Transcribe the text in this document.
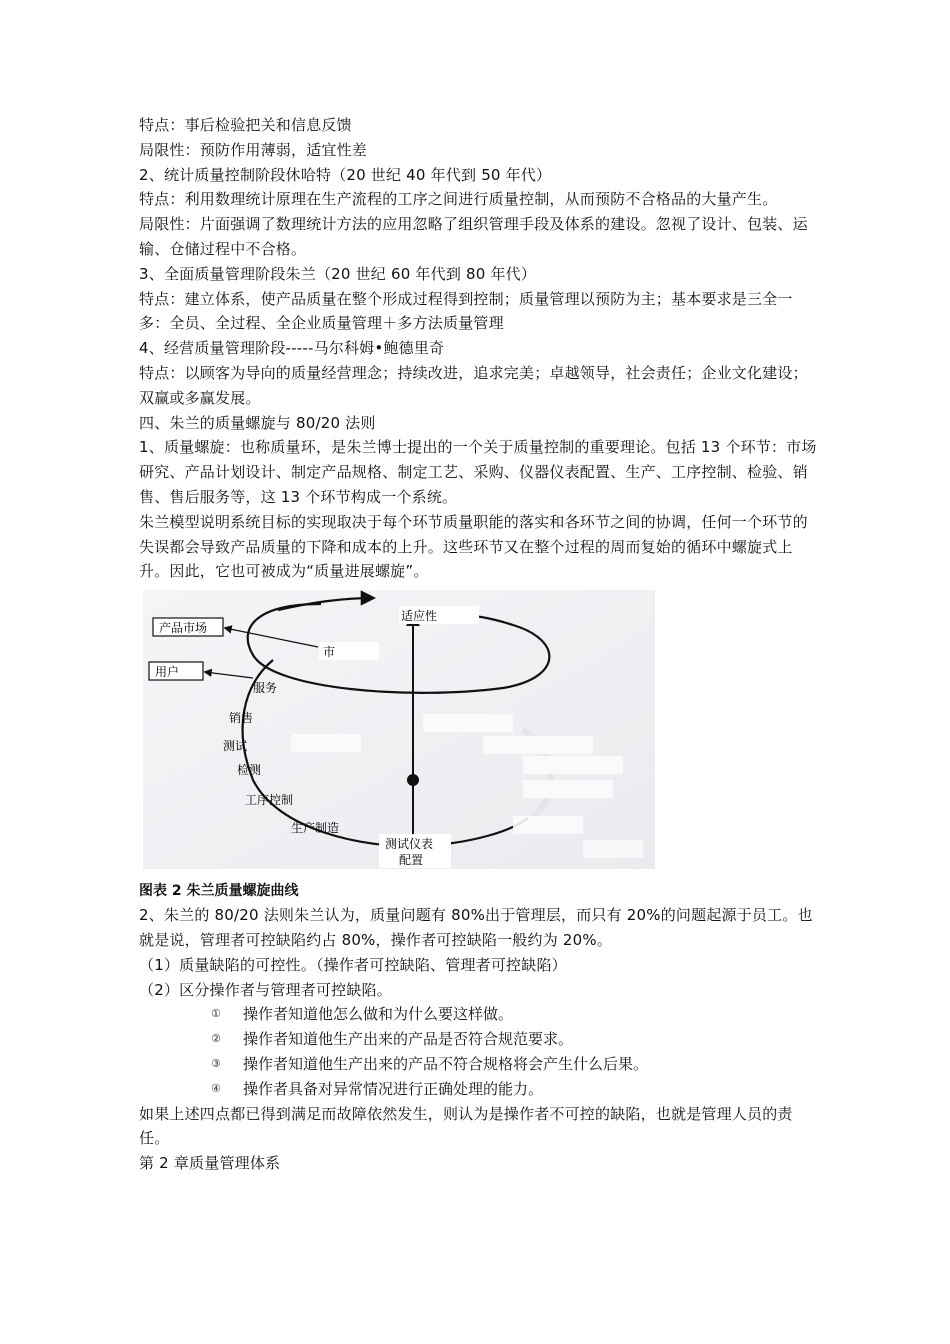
特点：事后检验把关和信息反馈

局限性：预防作用薄弱，适宜性差

2、统计质量控制阶段休哈特（20 世纪 40 年代到 50 年代）

特点：利用数理统计原理在生产流程的工序之间进行质量控制，从而预防不合格品的大量产生。

局限性：片面强调了数理统计方法的应用忽略了组织管理手段及体系的建设。忽视了设计、包装、运输、仓储过程中不合格。

3、全面质量管理阶段朱兰（20 世纪 60 年代到 80 年代）

特点：建立体系，使产品质量在整个形成过程得到控制；质量管理以预防为主；基本要求是三全一多：全员、全过程、全企业质量管理＋多方法质量管理

4、经营质量管理阶段-----马尔科姆•鲍德里奇

特点：以顾客为导向的质量经营理念；持续改进，追求完美；卓越领导，社会责任；企业文化建设；双赢或多赢发展。

四、朱兰的质量螺旋与 80/20 法则

1、质量螺旋：也称质量环，是朱兰博士提出的一个关于质量控制的重要理论。包括 13 个环节：市场研究、产品计划设计、制定产品规格、制定工艺、采购、仪器仪表配置、生产、工序控制、检验、销售、售后服务等，这 13 个环节构成一个系统。

朱兰模型说明系统目标的实现取决于每个环节质量职能的落实和各环节之间的协调，任何一个环节的失误都会导致产品质量的下降和成本的上升。这些环节又在整个过程的周而复始的循环中螺旋式上升。因此，它也可被成为“质量进展螺旋”。

产品市场
用户
适应性
市
服务
销售
测试
检测
工序控制
生产制造
测试仪表
配置

图表 2 朱兰质量螺旋曲线

2、朱兰的 80/20 法则朱兰认为，质量问题有 80%出于管理层，而只有 20%的问题起源于员工。也就是说，管理者可控缺陷约占 80%，操作者可控缺陷一般约为 20%。

（1）质量缺陷的可控性。（操作者可控缺陷、管理者可控缺陷）

（2）区分操作者与管理者可控缺陷。

①	操作者知道他怎么做和为什么要这样做。
②	操作者知道他生产出来的产品是否符合规范要求。
③	操作者知道他生产出来的产品不符合规格将会产生什么后果。
④	操作者具备对异常情况进行正确处理的能力。

如果上述四点都已得到满足而故障依然发生，则认为是操作者不可控的缺陷，也就是管理人员的责任。

第 2 章质量管理体系
